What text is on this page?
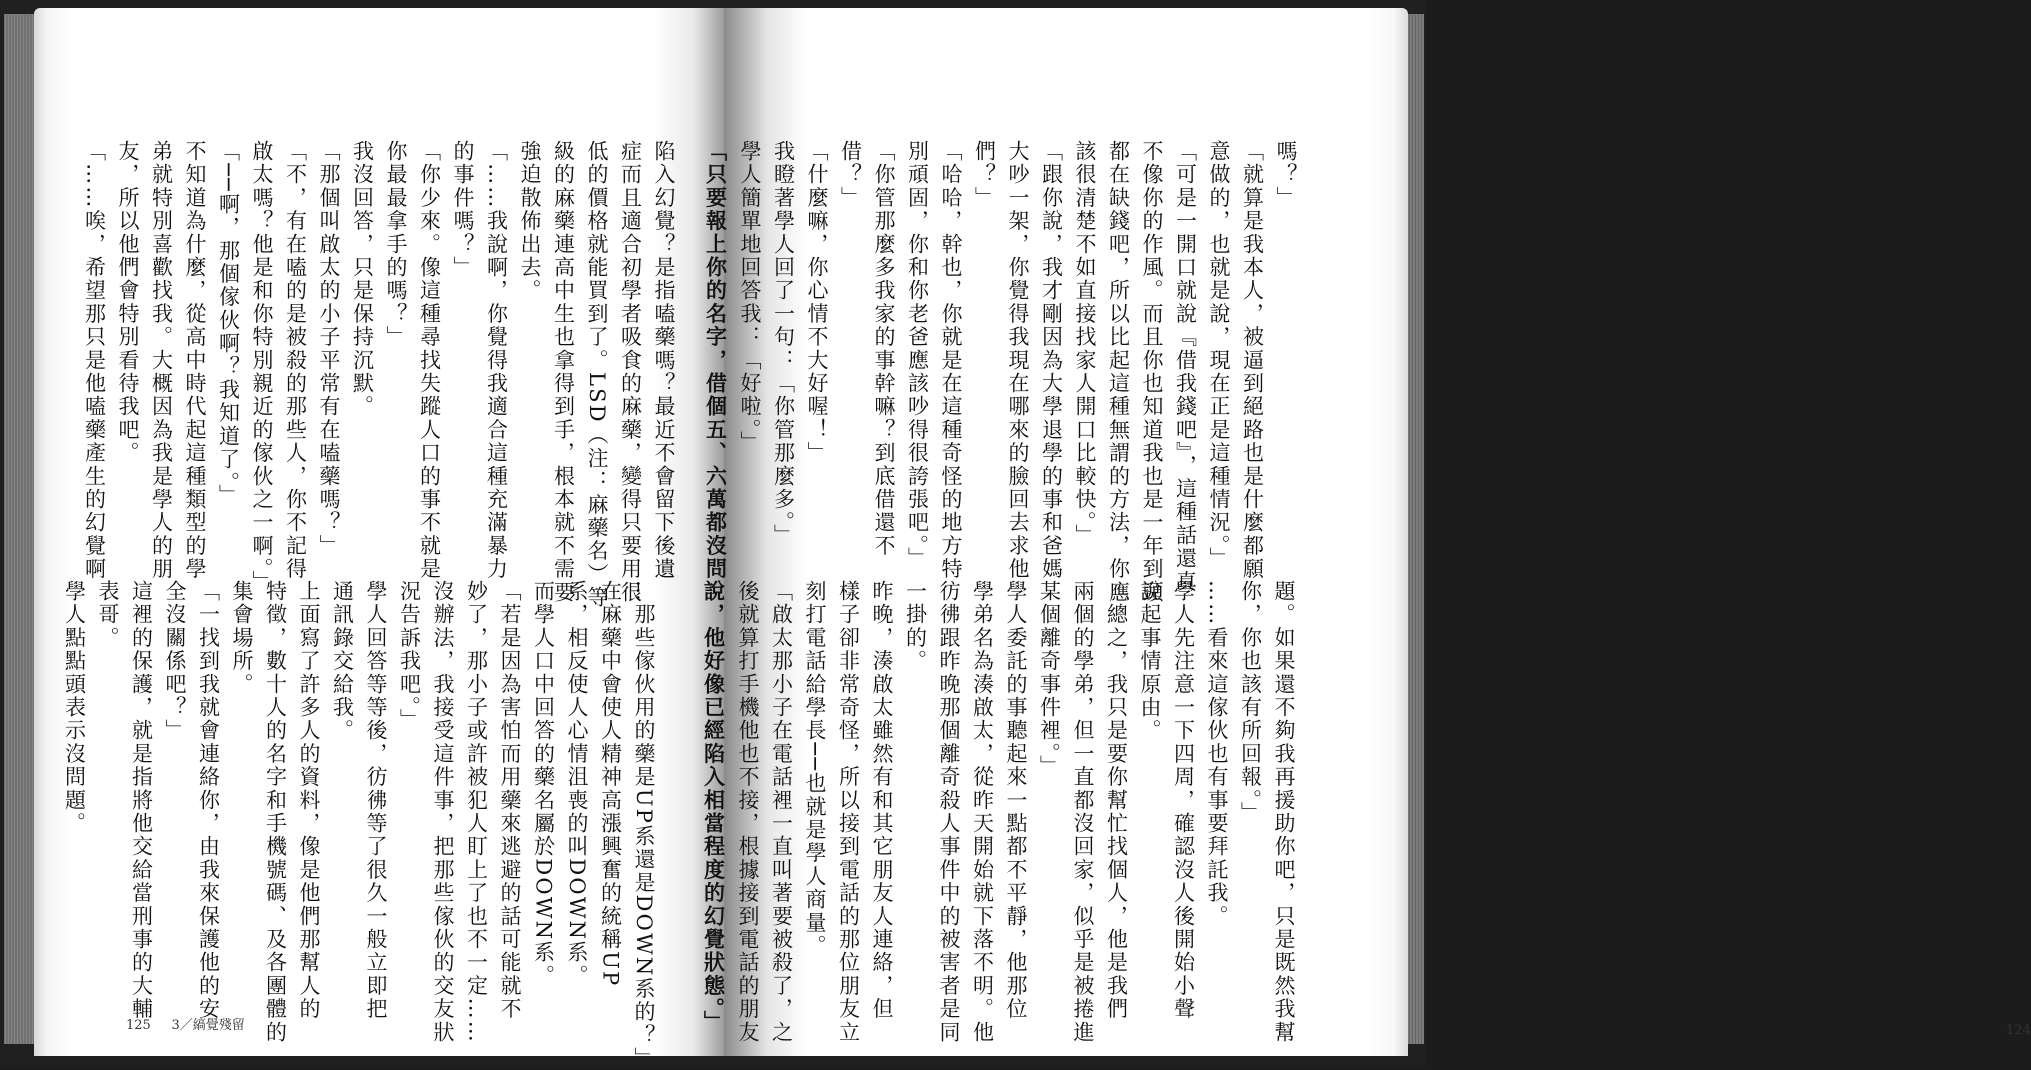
陷入幻覺？是指嗑藥嗎？最近不會留下後遺

症而且適合初學者吸食的麻藥，變得只要用很

低的價格就能買到了。LSD（注：麻藥名）等

級的麻藥連高中生也拿得到手，根本就不需要

強迫散佈出去。

「……我說啊，你覺得我適合這種充滿暴力

的事件嗎？」

「你少來。像這種尋找失蹤人口的事不就是

你最最拿手的嗎？」

我沒回答，只是保持沉默。

「那個叫啟太的小子平常有在嗑藥嗎？」

「不，有在嗑的是被殺的那些人，你不記得

啟太嗎？他是和你特別親近的傢伙之一啊。」

「──啊，那個傢伙啊？我知道了。」

不知道為什麼，從高中時代起這種類型的學

弟就特別喜歡找我。大概因為我是學人的朋

友，所以他們會特別看待我吧。

「……唉，希望那只是他嗑藥產生的幻覺啊

…那些傢伙用的藥是UP系還是DOWN系的？」

在麻藥中會使人精神高漲興奮的統稱UP

系，相反使人心情沮喪的叫DOWN系。

而學人口中回答的藥名屬於DOWN系。

「若是因為害怕而用藥來逃避的話可能就不

妙了，那小子或許被犯人盯上了也不一定……

沒辦法，我接受這件事，把那些傢伙的交友狀

況告訴我吧。」

學人回答等等後，彷彿等了很久一般立即把

通訊錄交給我。

上面寫了許多人的資料，像是他們那幫人的

特徵，數十人的名字和手機號碼、及各團體的

集會場所。

「一找到我就會連絡你，由我來保護他的安

全沒關係吧？」

這裡的保護，就是指將他交給當刑事的大輔

表哥。

學人點點頭表示沒問題。

125 3／縞覺殘留

嗎？」

「就算是我本人，被逼到絕路也是什麼都願

意做的，也就是說，現在正是這種情況。」

「可是一開口就說『借我錢吧』，這種話還真

不像你的作風。而且你也知道我也是一年到頭

都在缺錢吧，所以比起這種無謂的方法，你應

該很清楚不如直接找家人開口比較快。」

「跟你說，我才剛因為大學退學的事和爸媽

大吵一架，你覺得我現在哪來的臉回去求他

們？」

「哈哈，幹也，你就是在這種奇怪的地方特

別頑固，你和你老爸應該吵得很誇張吧。」

「你管那麼多我家的事幹嘛？到底借還不

借？」

「什麼嘛，你心情不大好喔！」

我瞪著學人回了一句：「你管那麼多。」

學人簡單地回答我：「好啦。」

「只要報上你的名字，借個五、六萬都沒問

題。如果還不夠我再援助你吧，只是既然我幫

你，你也該有所回報。」

……看來這傢伙也有事要拜託我。

學人先注意一下四周，確認沒人後開始小聲

說起事情原由。

「總之，我只是要你幫忙找個人，他是我們

兩個的學弟，但一直都沒回家，似乎是被捲進

某個離奇事件裡。」

學人委託的事聽起來一點都不平靜，他那位

學弟名為湊啟太，從昨天開始就下落不明。他

彷彿跟昨晚那個離奇殺人事件中的被害者是同

一掛的。

昨晚，湊啟太雖然有和其它朋友人連絡，但

樣子卻非常奇怪，所以接到電話的那位朋友立

刻打電話給學長──也就是學人商量。

「啟太那小子在電話裡一直叫著要被殺了，之

後就算打手機他也不接，根據接到電話的朋友

說，他好像已經陷入相當程度的幻覺狀態。」	124
